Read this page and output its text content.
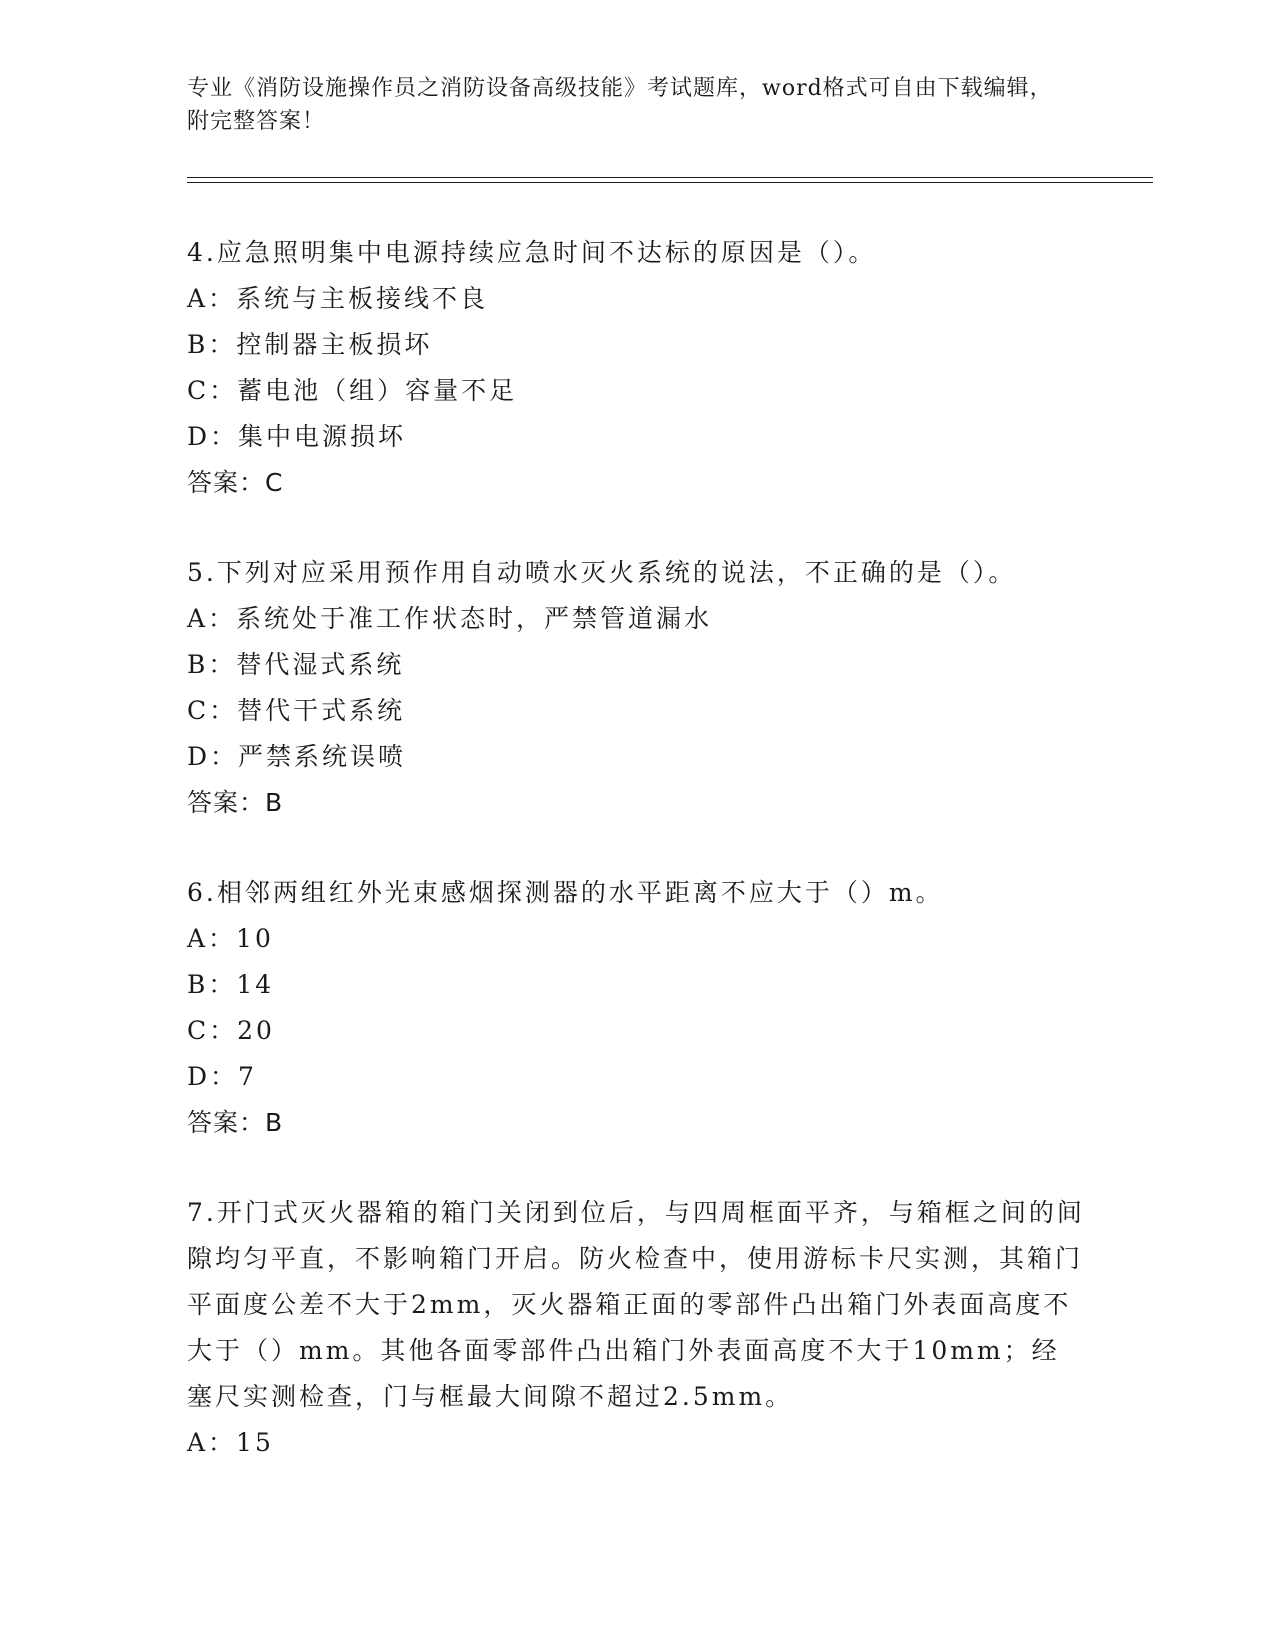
专业《消防设施操作员之消防设备高级技能》考试题库，word格式可自由下载编辑，附完整答案！
4.应急照明集中电源持续应急时间不达标的原因是（）。
A：系统与主板接线不良
B：控制器主板损坏
C：蓄电池（组）容量不足
D：集中电源损坏
答案：C
5.下列对应采用预作用自动喷水灭火系统的说法，不正确的是（）。
A：系统处于准工作状态时，严禁管道漏水
B：替代湿式系统
C：替代干式系统
D：严禁系统误喷
答案：B
6.相邻两组红外光束感烟探测器的水平距离不应大于（）m。
A：10
B：14
C：20
D：7
答案：B
7.开门式灭火器箱的箱门关闭到位后，与四周框面平齐，与箱框之间的间隙均匀平直，不影响箱门开启。防火检查中，使用游标卡尺实测，其箱门平面度公差不大于2mm，灭火器箱正面的零部件凸出箱门外表面高度不大于（）mm。其他各面零部件凸出箱门外表面高度不大于10mm；经塞尺实测检查，门与框最大间隙不超过2.5mm。
A：15
